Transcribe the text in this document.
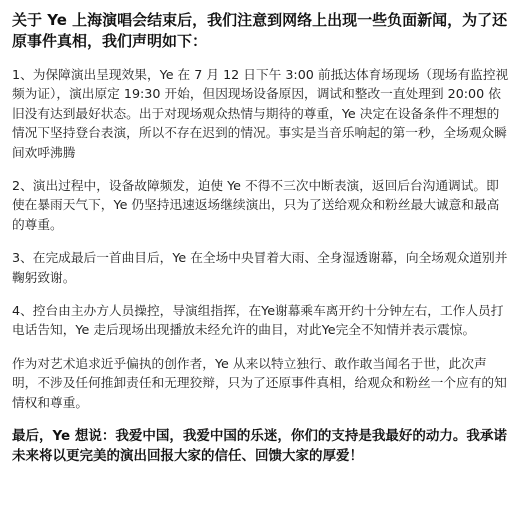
关于 Ye 上海演唱会结束后，我们注意到网络上出现一些负面新闻，为了还原事件真相，我们声明如下：
1、为保障演出呈现效果，Ye 在 7 月 12 日下午 3:00 前抵达体育场现场（现场有监控视频为证），演出原定 19:30 开始，但因现场设备原因，调试和整改一直处理到 20:00 依旧没有达到最好状态。出于对现场观众热情与期待的尊重，Ye 决定在设备条件不理想的情况下坚持登台表演，所以不存在迟到的情况。事实是当音乐响起的第一秒，全场观众瞬间欢呼沸腾
2、演出过程中，设备故障频发，迫使 Ye 不得不三次中断表演，返回后台沟通调试。即使在暴雨天气下，Ye 仍坚持迅速返场继续演出，只为了送给观众和粉丝最大诚意和最高的尊重。
3、在完成最后一首曲目后，Ye 在全场中央冒着大雨、全身湿透谢幕，向全场观众道别并鞠躬致谢。
4、控台由主办方人员操控，导演组指挥，在Ye谢幕乘车离开约十分钟左右，工作人员打电话告知，Ye 走后现场出现播放未经允许的曲目，对此Ye完全不知情并表示震惊。
作为对艺术追求近乎偏执的创作者，Ye 从来以特立独行、敢作敢当闻名于世，此次声明，不涉及任何推卸责任和无理狡辩，只为了还原事件真相，给观众和粉丝一个应有的知情权和尊重。
最后，Ye 想说：我爱中国，我爱中国的乐迷，你们的支持是我最好的动力。我承诺未来将以更完美的演出回报大家的信任、回馈大家的厚爱！
